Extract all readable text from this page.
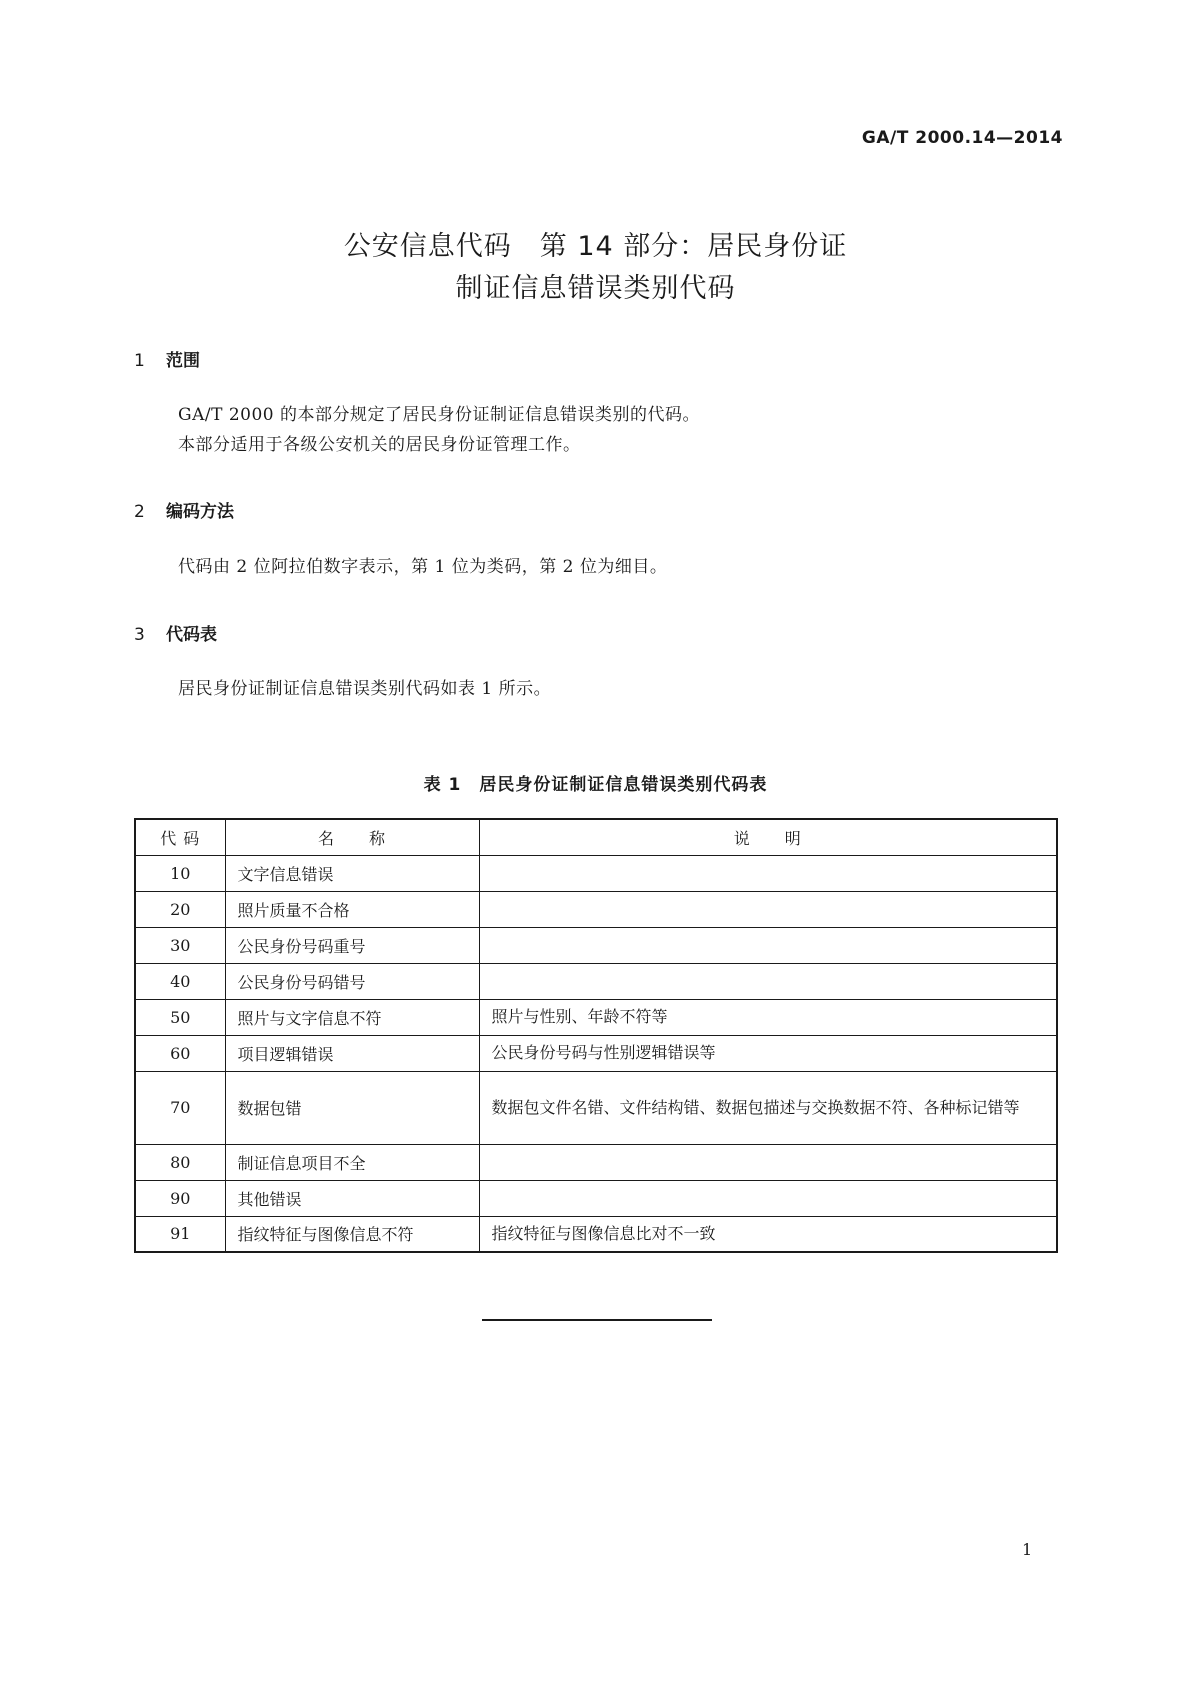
GA/T 2000.14—2014
公安信息代码　第 14 部分：居民身份证
制证信息错误类别代码
1 范围
GA/T 2000 的本部分规定了居民身份证制证信息错误类别的代码。
本部分适用于各级公安机关的居民身份证管理工作。
2 编码方法
代码由 2 位阿拉伯数字表示，第 1 位为类码，第 2 位为细目。
3 代码表
居民身份证制证信息错误类别代码如表 1 所示。
表 1　居民身份证制证信息错误类别代码表
代 码	名　　称	说　　明
10	文字信息错误	
20	照片质量不合格	
30	公民身份号码重号	
40	公民身份号码错号	
50	照片与文字信息不符	照片与性别、年龄不符等
60	项目逻辑错误	公民身份号码与性别逻辑错误等
70	数据包错	数据包文件名错、文件结构错、数据包描述与交换数据不符、各种标记错等
80	制证信息项目不全	
90	其他错误	
91	指纹特征与图像信息不符	指纹特征与图像信息比对不一致
1
